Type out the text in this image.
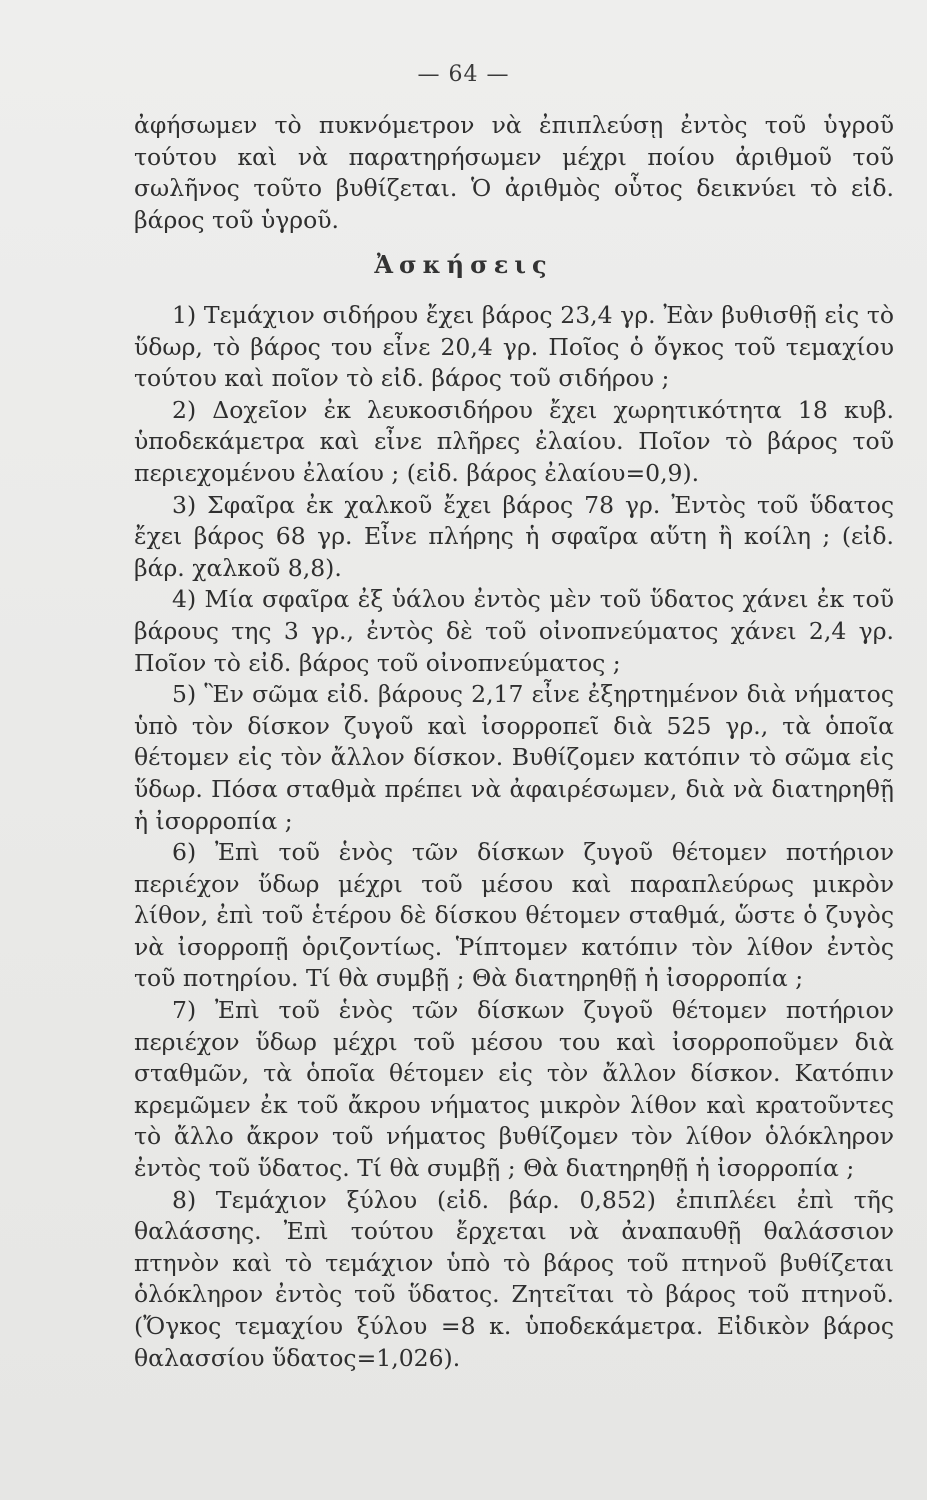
— 64 —
ἀφήσωμεν τὸ πυκνόμετρον νὰ ἐπιπλεύσῃ ἐντὸς τοῦ ὑγροῦ τούτου καὶ νὰ παρατηρήσωμεν μέχρι ποίου ἀριθμοῦ τοῦ σωλῆνος τοῦτο βυθίζεται. Ὁ ἀριθμὸς οὗτος δεικνύει τὸ εἰδ. βάρος τοῦ ὑγροῦ.
Ἀσκήσεις

1) Τεμάχιον σιδήρου ἔχει βάρος 23,4 γρ. Ἐὰν βυθισθῇ εἰς τὸ ὕδωρ, τὸ βάρος του εἶνε 20,4 γρ. Ποῖος ὁ ὄγκος τοῦ τεμαχίου τούτου καὶ ποῖον τὸ εἰδ. βάρος τοῦ σιδήρου ;

2) Δοχεῖον ἐκ λευκοσιδήρου ἔχει χωρητικότητα 18 κυβ. ὑποδεκάμετρα καὶ εἶνε πλῆρες ἐλαίου. Ποῖον τὸ βάρος τοῦ περιεχομένου ἐλαίου ; (εἰδ. βάρος ἐλαίου=0,9).

3) Σφαῖρα ἐκ χαλκοῦ ἔχει βάρος 78 γρ. Ἐντὸς τοῦ ὕδατος ἔχει βάρος 68 γρ. Εἶνε πλήρης ἡ σφαῖρα αὕτη ἢ κοίλη ; (εἰδ. βάρ. χαλκοῦ 8,8).

4) Μία σφαῖρα ἐξ ὑάλου ἐντὸς μὲν τοῦ ὕδατος χάνει ἐκ τοῦ βάρους της 3 γρ., ἐντὸς δὲ τοῦ οἰνοπνεύματος χάνει 2,4 γρ. Ποῖον τὸ εἰδ. βάρος τοῦ οἰνοπνεύματος ;

5) Ἓν σῶμα εἰδ. βάρους 2,17 εἶνε ἐξηρτημένον διὰ νήματος ὑπὸ τὸν δίσκον ζυγοῦ καὶ ἰσορροπεῖ διὰ 525 γρ., τὰ ὁποῖα θέτομεν εἰς τὸν ἄλλον δίσκον. Βυθίζομεν κατόπιν τὸ σῶμα εἰς ὕδωρ. Πόσα σταθμὰ πρέπει νὰ ἀφαιρέσωμεν, διὰ νὰ διατηρηθῇ ἡ ἰσορροπία ;

6) Ἐπὶ τοῦ ἑνὸς τῶν δίσκων ζυγοῦ θέτομεν ποτήριον περιέχον ὕδωρ μέχρι τοῦ μέσου καὶ παραπλεύρως μικρὸν λίθον, ἐπὶ τοῦ ἑτέρου δὲ δίσκου θέτομεν σταθμά, ὥστε ὁ ζυγὸς νὰ ἰσορροπῇ ὁριζοντίως. Ῥίπτομεν κατόπιν τὸν λίθον ἐντὸς τοῦ ποτηρίου. Τί θὰ συμβῇ ; Θὰ διατηρηθῇ ἡ ἰσορροπία ;

7) Ἐπὶ τοῦ ἑνὸς τῶν δίσκων ζυγοῦ θέτομεν ποτήριον περιέχον ὕδωρ μέχρι τοῦ μέσου του καὶ ἰσορροποῦμεν διὰ σταθμῶν, τὰ ὁποῖα θέτομεν εἰς τὸν ἄλλον δίσκον. Κατόπιν κρεμῶμεν ἐκ τοῦ ἄκρου νήματος μικρὸν λίθον καὶ κρατοῦντες τὸ ἄλλο ἄκρον τοῦ νήματος βυθίζομεν τὸν λίθον ὁλόκληρον ἐντὸς τοῦ ὕδατος. Τί θὰ συμβῇ ; Θὰ διατηρηθῇ ἡ ἰσορροπία ;

8) Τεμάχιον ξύλου (εἰδ. βάρ. 0,852) ἐπιπλέει ἐπὶ τῆς θαλάσσης. Ἐπὶ τούτου ἔρχεται νὰ ἀναπαυθῇ θαλάσσιον πτηνὸν καὶ τὸ τεμάχιον ὑπὸ τὸ βάρος τοῦ πτηνοῦ βυθίζεται ὁλόκληρον ἐντὸς τοῦ ὕδατος. Ζητεῖται τὸ βάρος τοῦ πτηνοῦ. (Ὄγκος τεμαχίου ξύλου =8 κ. ὑποδεκάμετρα. Εἰδικὸν βάρος θαλασσίου ὕδατος=1,026).
